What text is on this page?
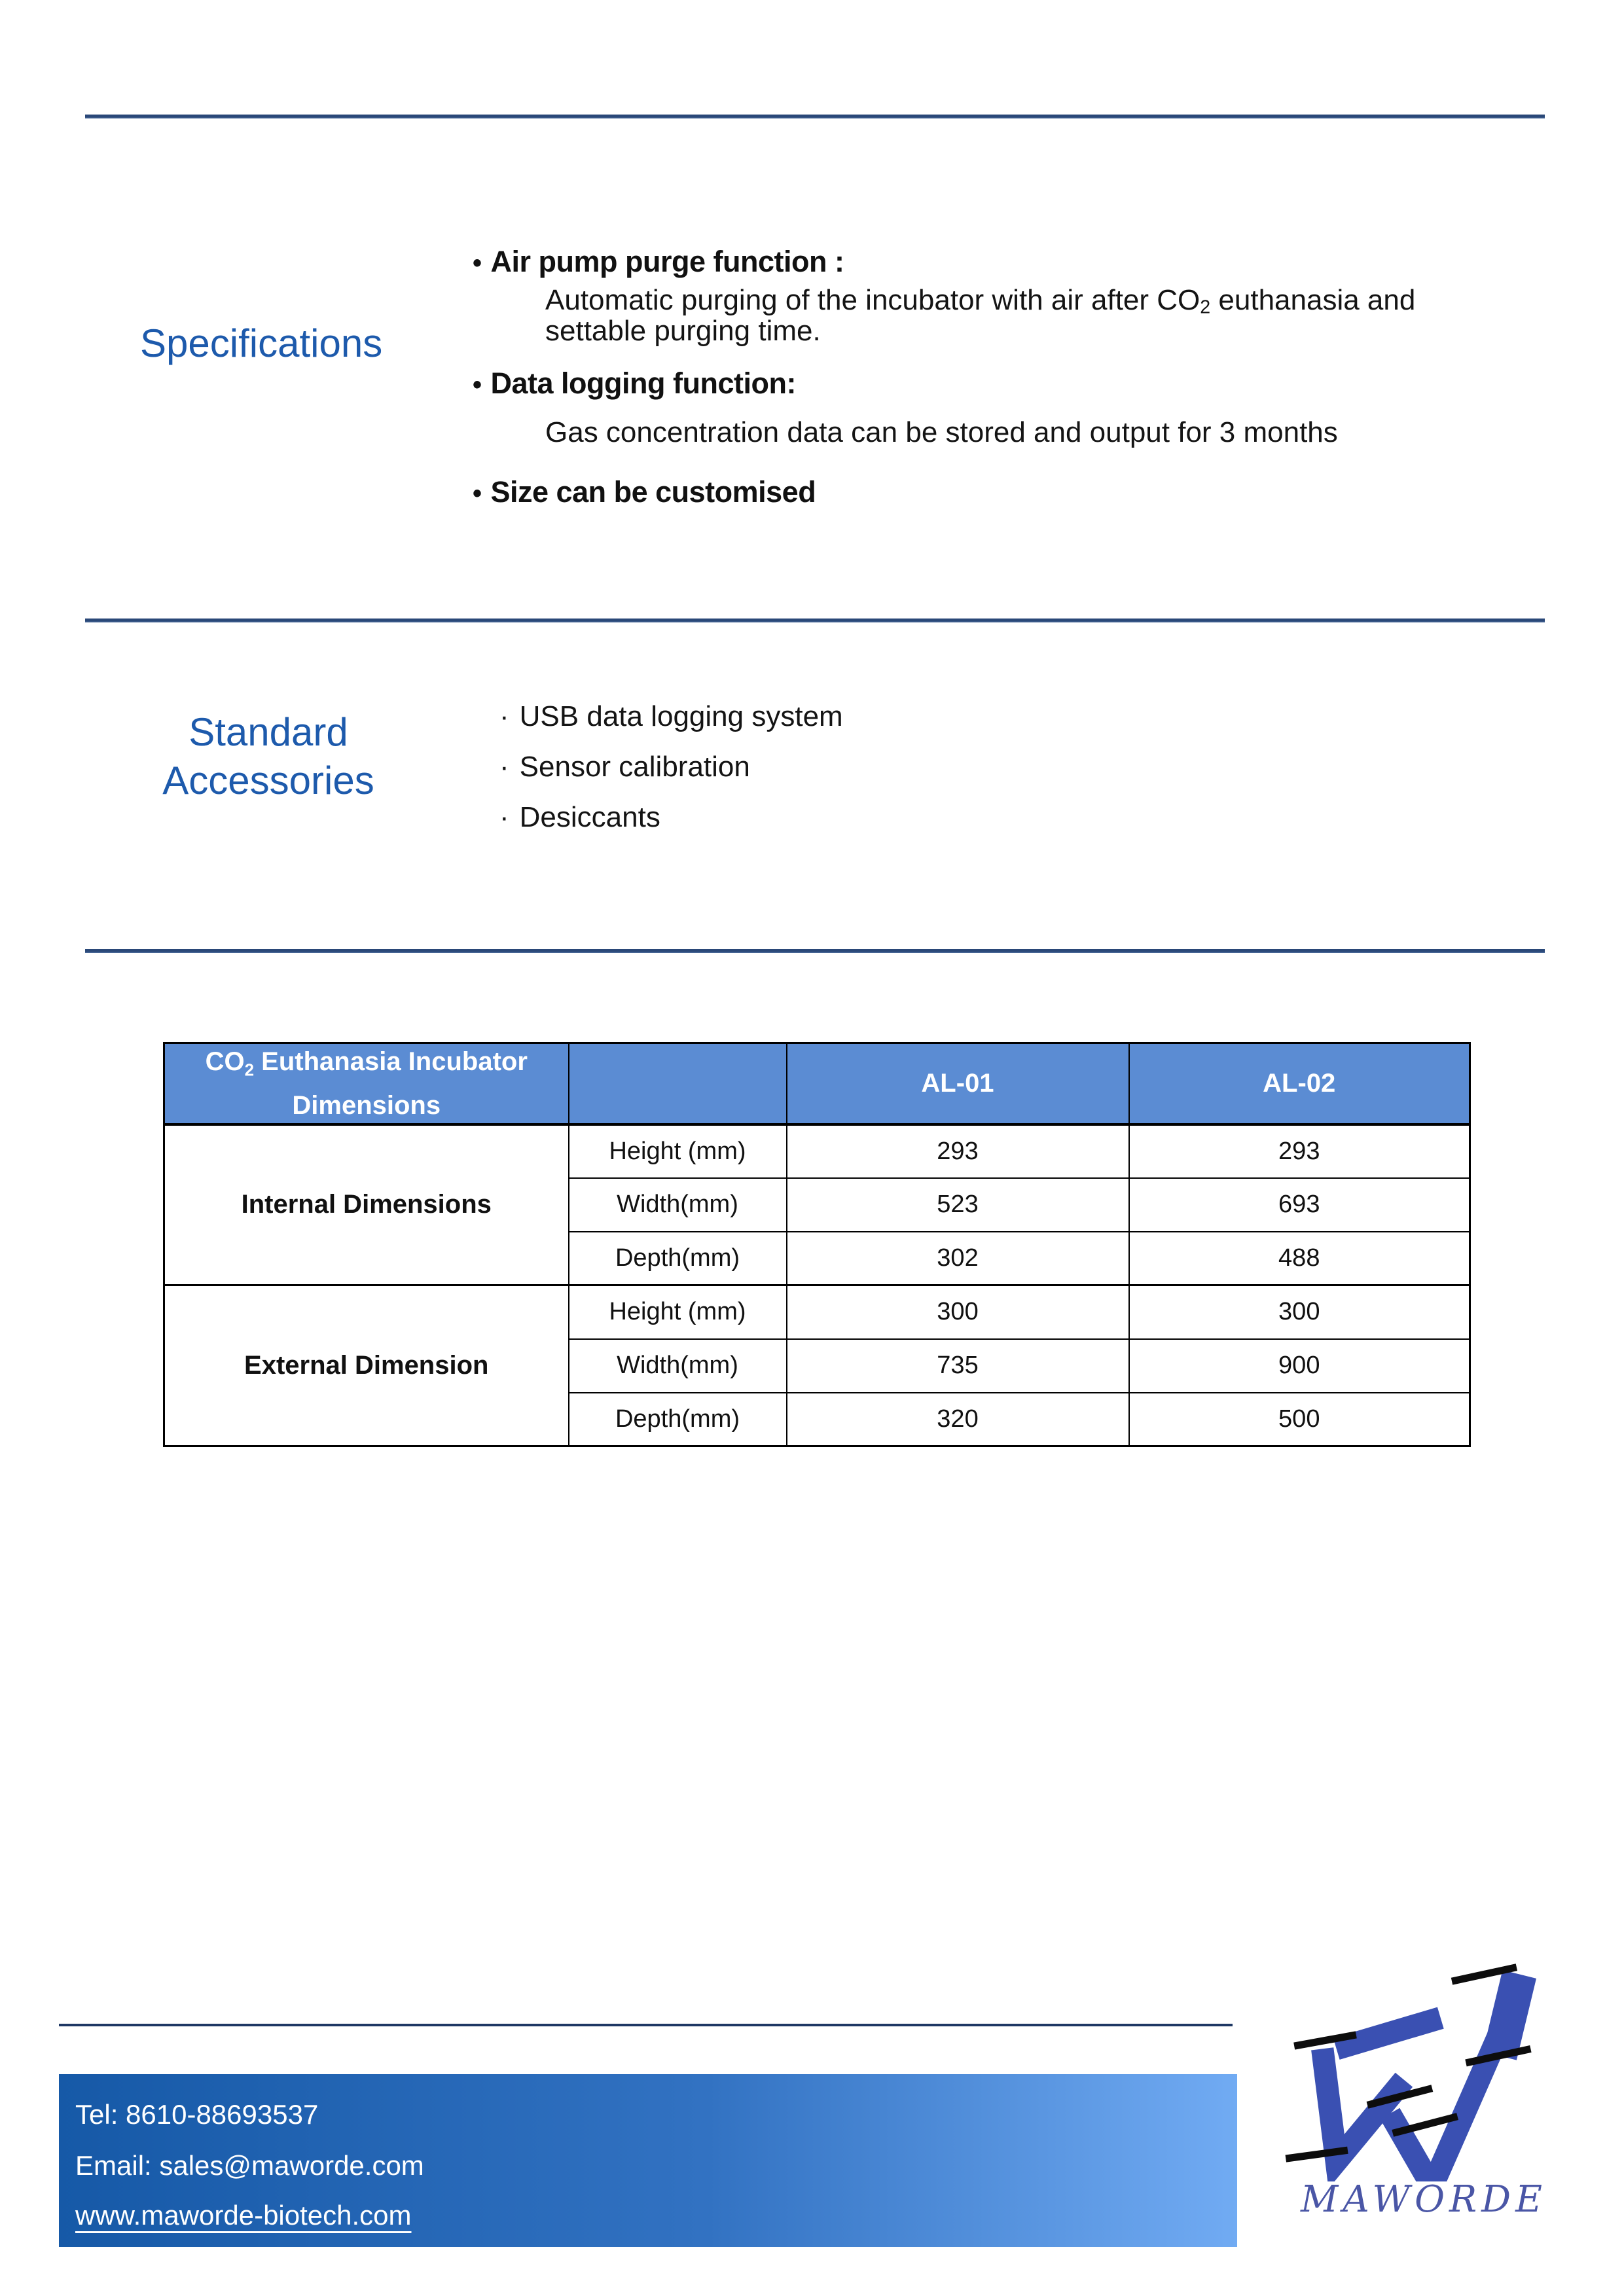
Specifications
• Air pump purge function :
Automatic purging of the incubator with air after $CO_2$ euthanasia and
settable purging time.
• Data logging function:
Gas concentration data can be stored and output for 3 months
• Size can be customised
Standard
Accessories
· USB data logging system
· Sensor calibration
· Desiccants
$CO_2$ Euthanasia Incubator
Dimensions		AL-01	AL-02
Internal Dimensions	Height (mm)	293	293
	Width(mm)	523	693
	Depth(mm)	302	488
External Dimension	Height (mm)	300	300
	Width(mm)	735	900
	Depth(mm)	320	500
Tel: 8610-88693537
Email: sales@maworde.com
www.maworde-biotech.com	MAWORDE
